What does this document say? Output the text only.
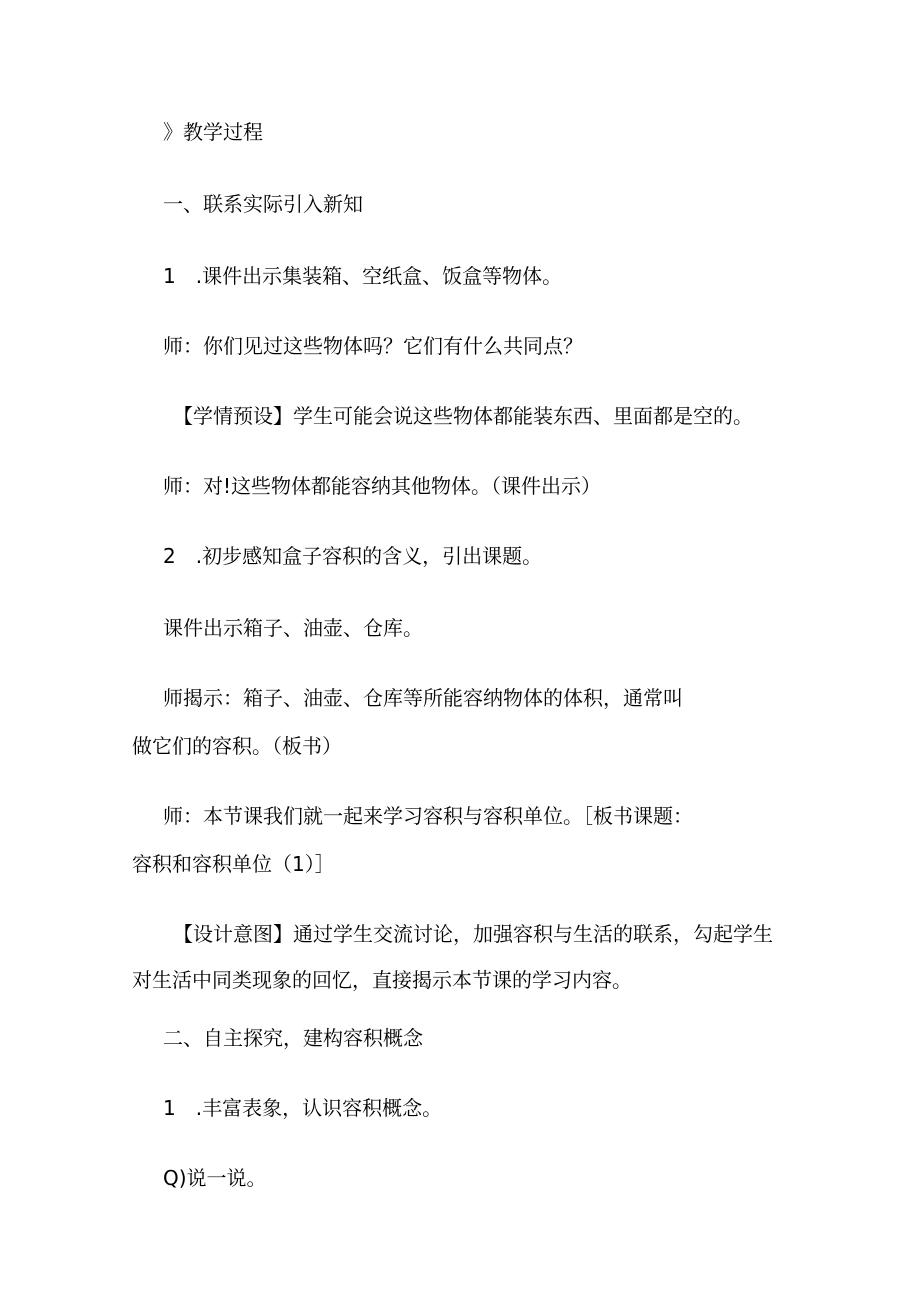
》教学过程

一、联系实际引入新知

1　.课件出示集装箱、空纸盒、饭盒等物体。

师：你们见过这些物体吗？它们有什么共同点？

【学情预设】学生可能会说这些物体都能装东西、里面都是空的。

师：对!这些物体都能容纳其他物体。（课件出示）

2　.初步感知盒子容积的含义，引出课题。

课件出示箱子、油壶、仓库。

师揭示：箱子、油壶、仓库等所能容纳物体的体积，通常叫

做它们的容积。（板书）

师：本节课我们就一起来学习容积与容积单位。［板书课题：

容积和容积单位（1）］

【设计意图】通过学生交流讨论，加强容积与生活的联系，勾起学生

对生活中同类现象的回忆，直接揭示本节课的学习内容。

二、自主探究，建构容积概念

1　.丰富表象，认识容积概念。

Q)说一说。
